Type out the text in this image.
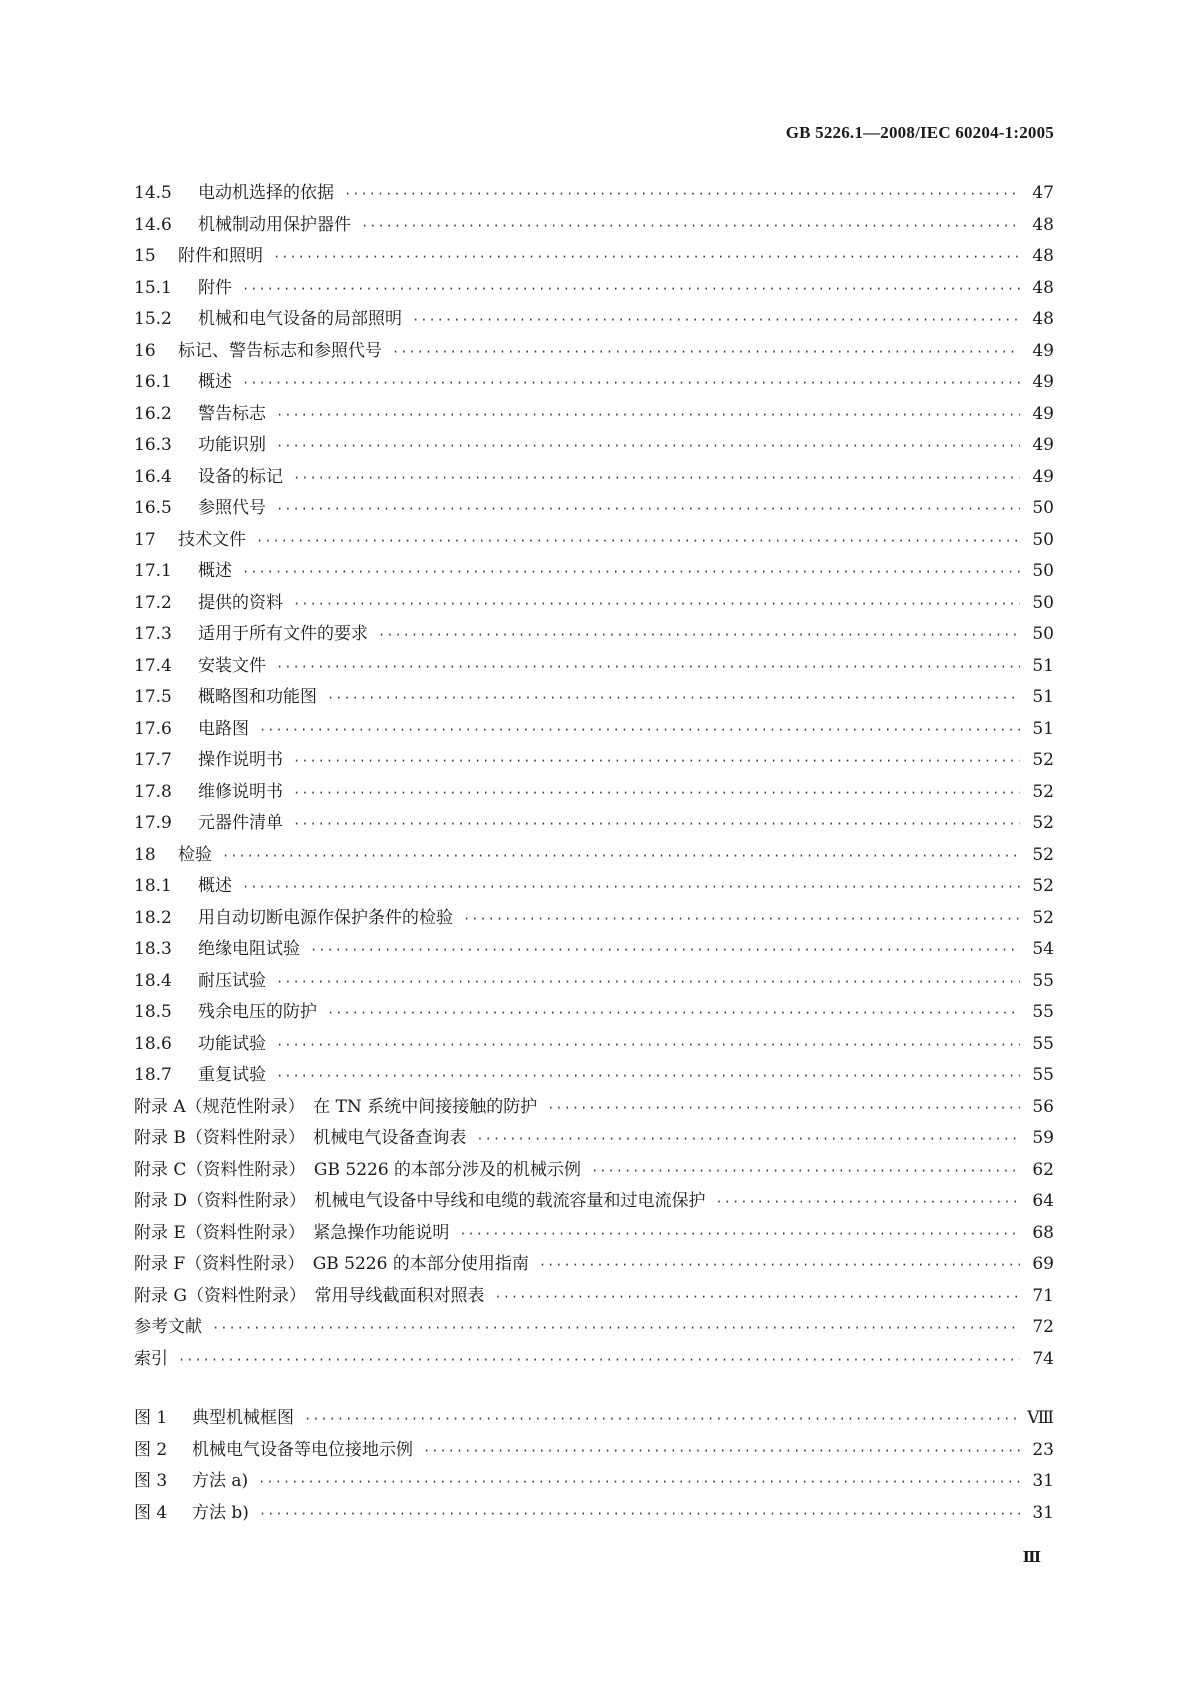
GB 5226.1—2008/IEC 60204-1:2005
14.5	电动机选择的依据 ·····	47
14.6	机械制动用保护器件 ·····	48
15	附件和照明 ·····	48
15.1	附件 ·····	48
15.2	机械和电气设备的局部照明 ·····	48
16	标记、警告标志和参照代号 ·····	49
16.1	概述 ·····	49
16.2	警告标志 ·····	49
16.3	功能识别 ·····	49
16.4	设备的标记 ·····	49
16.5	参照代号 ·····	50
17	技术文件 ·····	50
17.1	概述 ·····	50
17.2	提供的资料 ·····	50
17.3	适用于所有文件的要求 ·····	50
17.4	安装文件 ·····	51
17.5	概略图和功能图 ·····	51
17.6	电路图 ·····	51
17.7	操作说明书 ·····	52
17.8	维修说明书 ·····	52
17.9	元器件清单 ·····	52
18	检验 ·····	52
18.1	概述 ·····	52
18.2	用自动切断电源作保护条件的检验 ·····	52
18.3	绝缘电阻试验 ·····	54
18.4	耐压试验 ·····	55
18.5	残余电压的防护 ·····	55
18.6	功能试验 ·····	55
18.7	重复试验 ·····	55
附录 A（规范性附录）　在 TN 系统中间接接触的防护 ·····	56
附录 B（资料性附录）　机械电气设备查询表 ·····	59
附录 C（资料性附录）　GB 5226 的本部分涉及的机械示例 ·····	62
附录 D（资料性附录）　机械电气设备中导线和电缆的载流容量和过电流保护 ·····	64
附录 E（资料性附录）　紧急操作功能说明 ·····	68
附录 F（资料性附录）　GB 5226 的本部分使用指南 ·····	69
附录 G（资料性附录）　常用导线截面积对照表 ·····	71
参考文献 ·····	72
索引 ·····	74
图 1	典型机械框图 ·····	Ⅷ
图 2	机械电气设备等电位接地示例 ·····	23
图 3	方法 a) ·····	31
图 4	方法 b) ·····	31
Ⅲ
